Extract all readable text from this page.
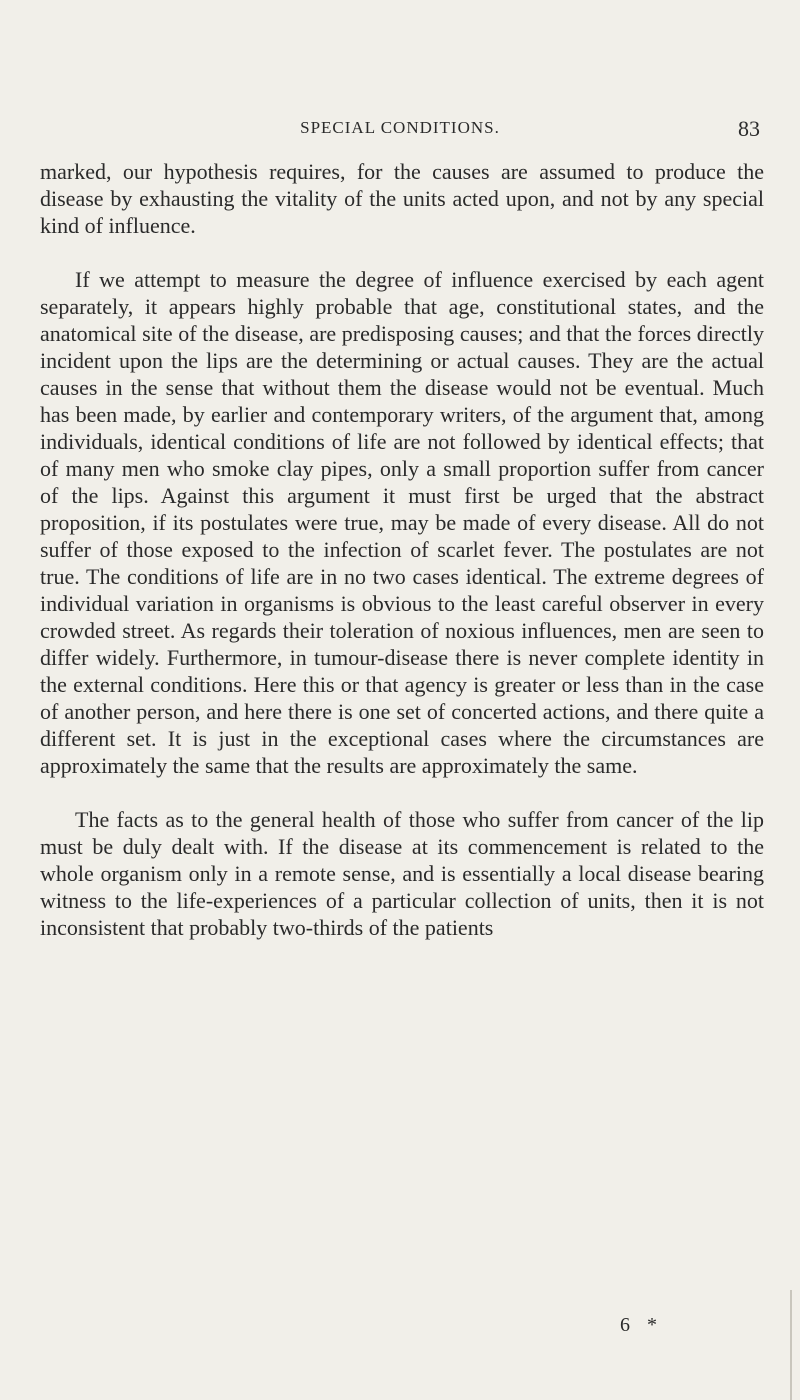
SPECIAL CONDITIONS.	83

marked, our hypothesis requires, for the causes are assumed to produce the disease by exhausting the vitality of the units acted upon, and not by any special kind of influence.

If we attempt to measure the degree of influence exercised by each agent separately, it appears highly probable that age, constitutional states, and the anatomical site of the disease, are predisposing causes; and that the forces directly incident upon the lips are the determining or actual causes. They are the actual causes in the sense that without them the disease would not be eventual. Much has been made, by earlier and contemporary writers, of the argument that, among individuals, identical conditions of life are not followed by identical effects; that of many men who smoke clay pipes, only a small proportion suffer from cancer of the lips. Against this argument it must first be urged that the abstract proposition, if its postulates were true, may be made of every disease. All do not suffer of those exposed to the infection of scarlet fever. The postulates are not true. The conditions of life are in no two cases identical. The extreme degrees of individual variation in organisms is obvious to the least careful observer in every crowded street. As regards their toleration of noxious influences, men are seen to differ widely. Furthermore, in tumour-disease there is never complete identity in the external conditions. Here this or that agency is greater or less than in the case of another person, and here there is one set of concerted actions, and there quite a different set. It is just in the exceptional cases where the circumstances are approximately the same that the results are approximately the same.

The facts as to the general health of those who suffer from cancer of the lip must be duly dealt with. If the disease at its commencement is related to the whole organism only in a remote sense, and is essentially a local disease bearing witness to the life-experiences of a particular collection of units, then it is not inconsistent that probably two-thirds of the patients

6 *
